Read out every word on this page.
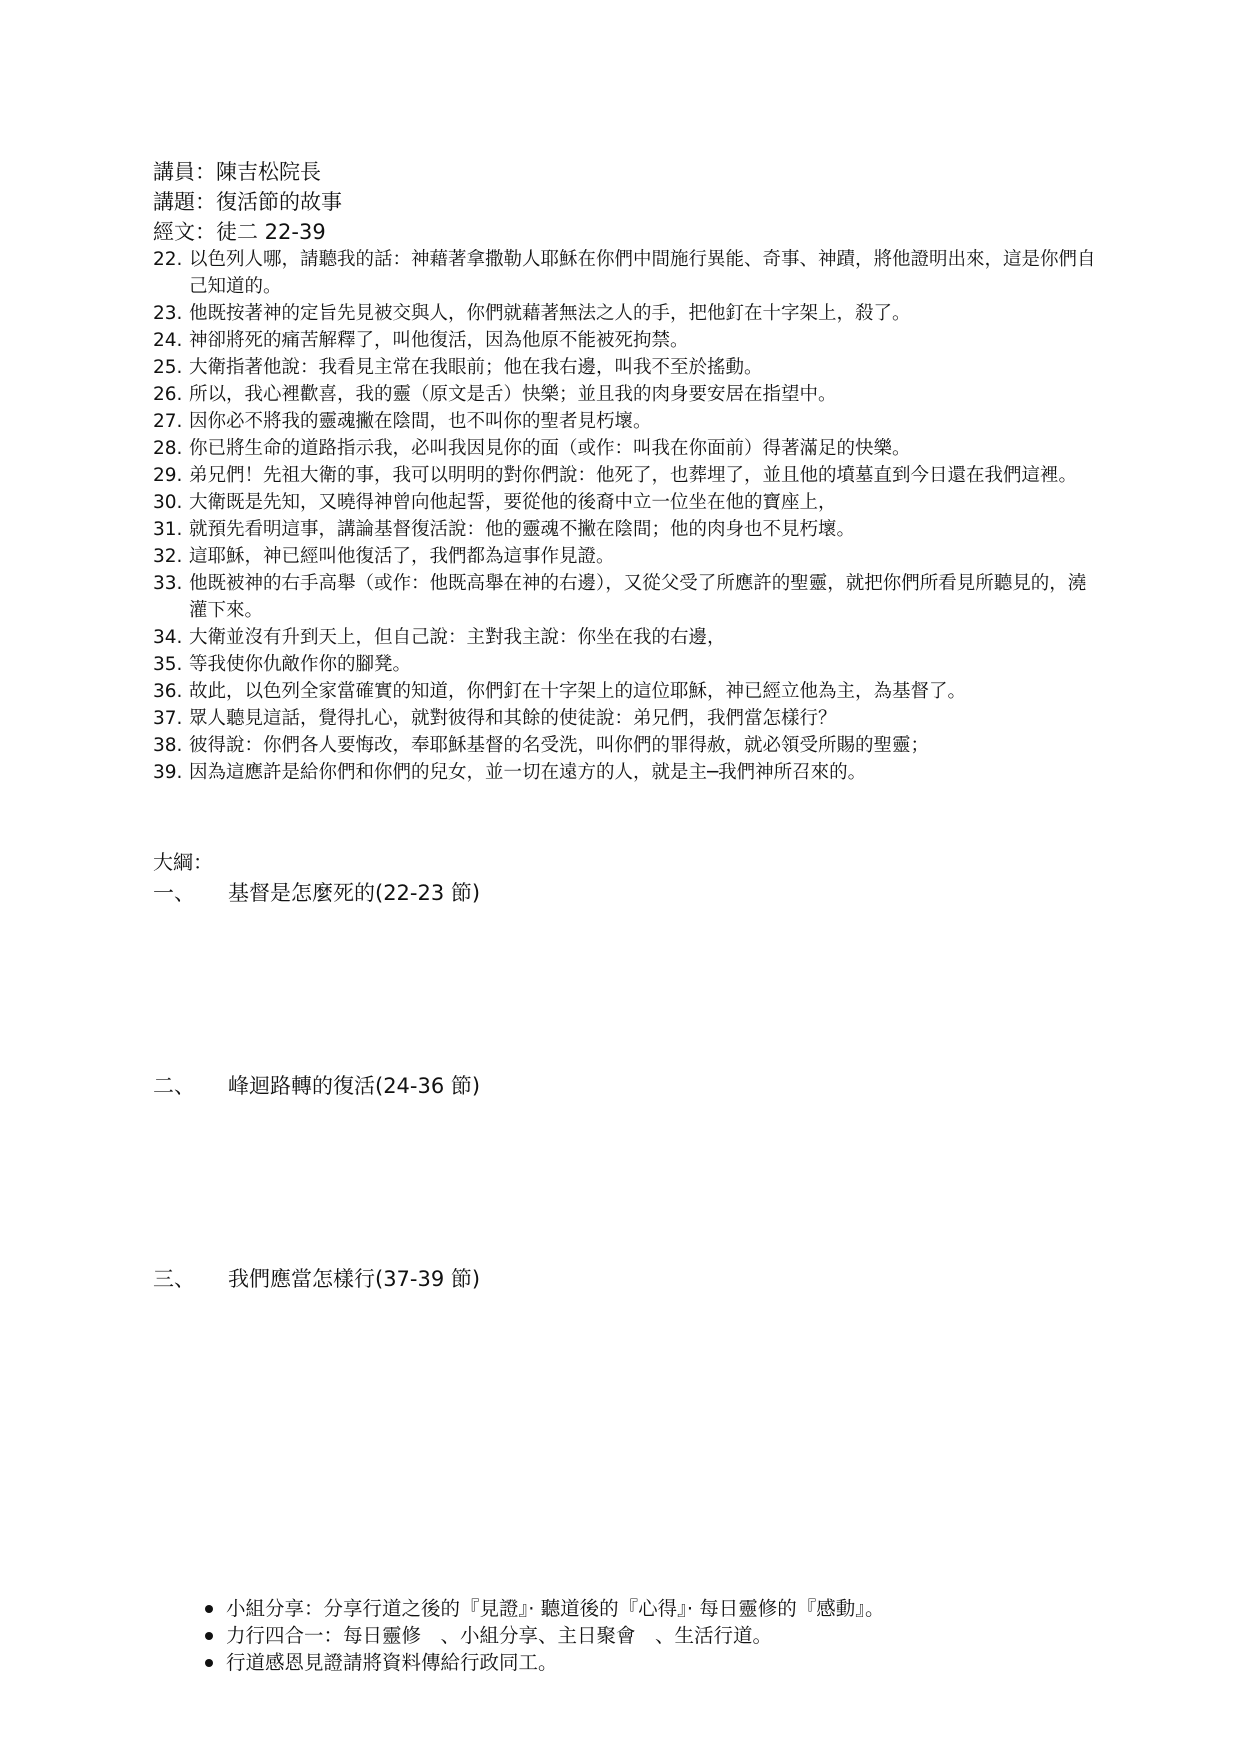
講員：陳吉松院長
講題：復活節的故事
經文：徒二 22-39
22. 以色列人哪，請聽我的話：神藉著拿撒勒人耶穌在你們中間施行異能、奇事、神蹟，將他證明出來，這是你們自己知道的。
23. 他既按著神的定旨先見被交與人，你們就藉著無法之人的手，把他釘在十字架上，殺了。
24. 神卻將死的痛苦解釋了，叫他復活，因為他原不能被死拘禁。
25. 大衛指著他說：我看見主常在我眼前；他在我右邊，叫我不至於搖動。
26. 所以，我心裡歡喜，我的靈（原文是舌）快樂；並且我的肉身要安居在指望中。
27. 因你必不將我的靈魂撇在陰間，也不叫你的聖者見朽壞。
28. 你已將生命的道路指示我，必叫我因見你的面（或作：叫我在你面前）得著滿足的快樂。
29. 弟兄們！先祖大衛的事，我可以明明的對你們說：他死了，也葬埋了，並且他的墳墓直到今日還在我們這裡。
30. 大衛既是先知，又曉得神曾向他起誓，要從他的後裔中立一位坐在他的寶座上，
31. 就預先看明這事，講論基督復活說：他的靈魂不撇在陰間；他的肉身也不見朽壞。
32. 這耶穌，神已經叫他復活了，我們都為這事作見證。
33. 他既被神的右手高舉（或作：他既高舉在神的右邊），又從父受了所應許的聖靈，就把你們所看見所聽見的，澆灌下來。
34. 大衛並沒有升到天上，但自己說：主對我主說：你坐在我的右邊，
35. 等我使你仇敵作你的腳凳。
36. 故此，以色列全家當確實的知道，你們釘在十字架上的這位耶穌，神已經立他為主，為基督了。
37. 眾人聽見這話，覺得扎心，就對彼得和其餘的使徒說：弟兄們，我們當怎樣行？
38. 彼得說：你們各人要悔改，奉耶穌基督的名受洗，叫你們的罪得赦，就必領受所賜的聖靈；
39. 因為這應許是給你們和你們的兒女，並一切在遠方的人，就是主─我們神所召來的。
大綱：
一、 基督是怎麼死的(22-23 節)
二、 峰迴路轉的復活(24-36 節)
三、 我們應當怎樣行(37-39 節)
小組分享：分享行道之後的『見證』· 聽道後的『心得』· 每日靈修的『感動』。
力行四合一：每日靈修　、小組分享、主日聚會　、生活行道。
行道感恩見證請將資料傳給行政同工。
